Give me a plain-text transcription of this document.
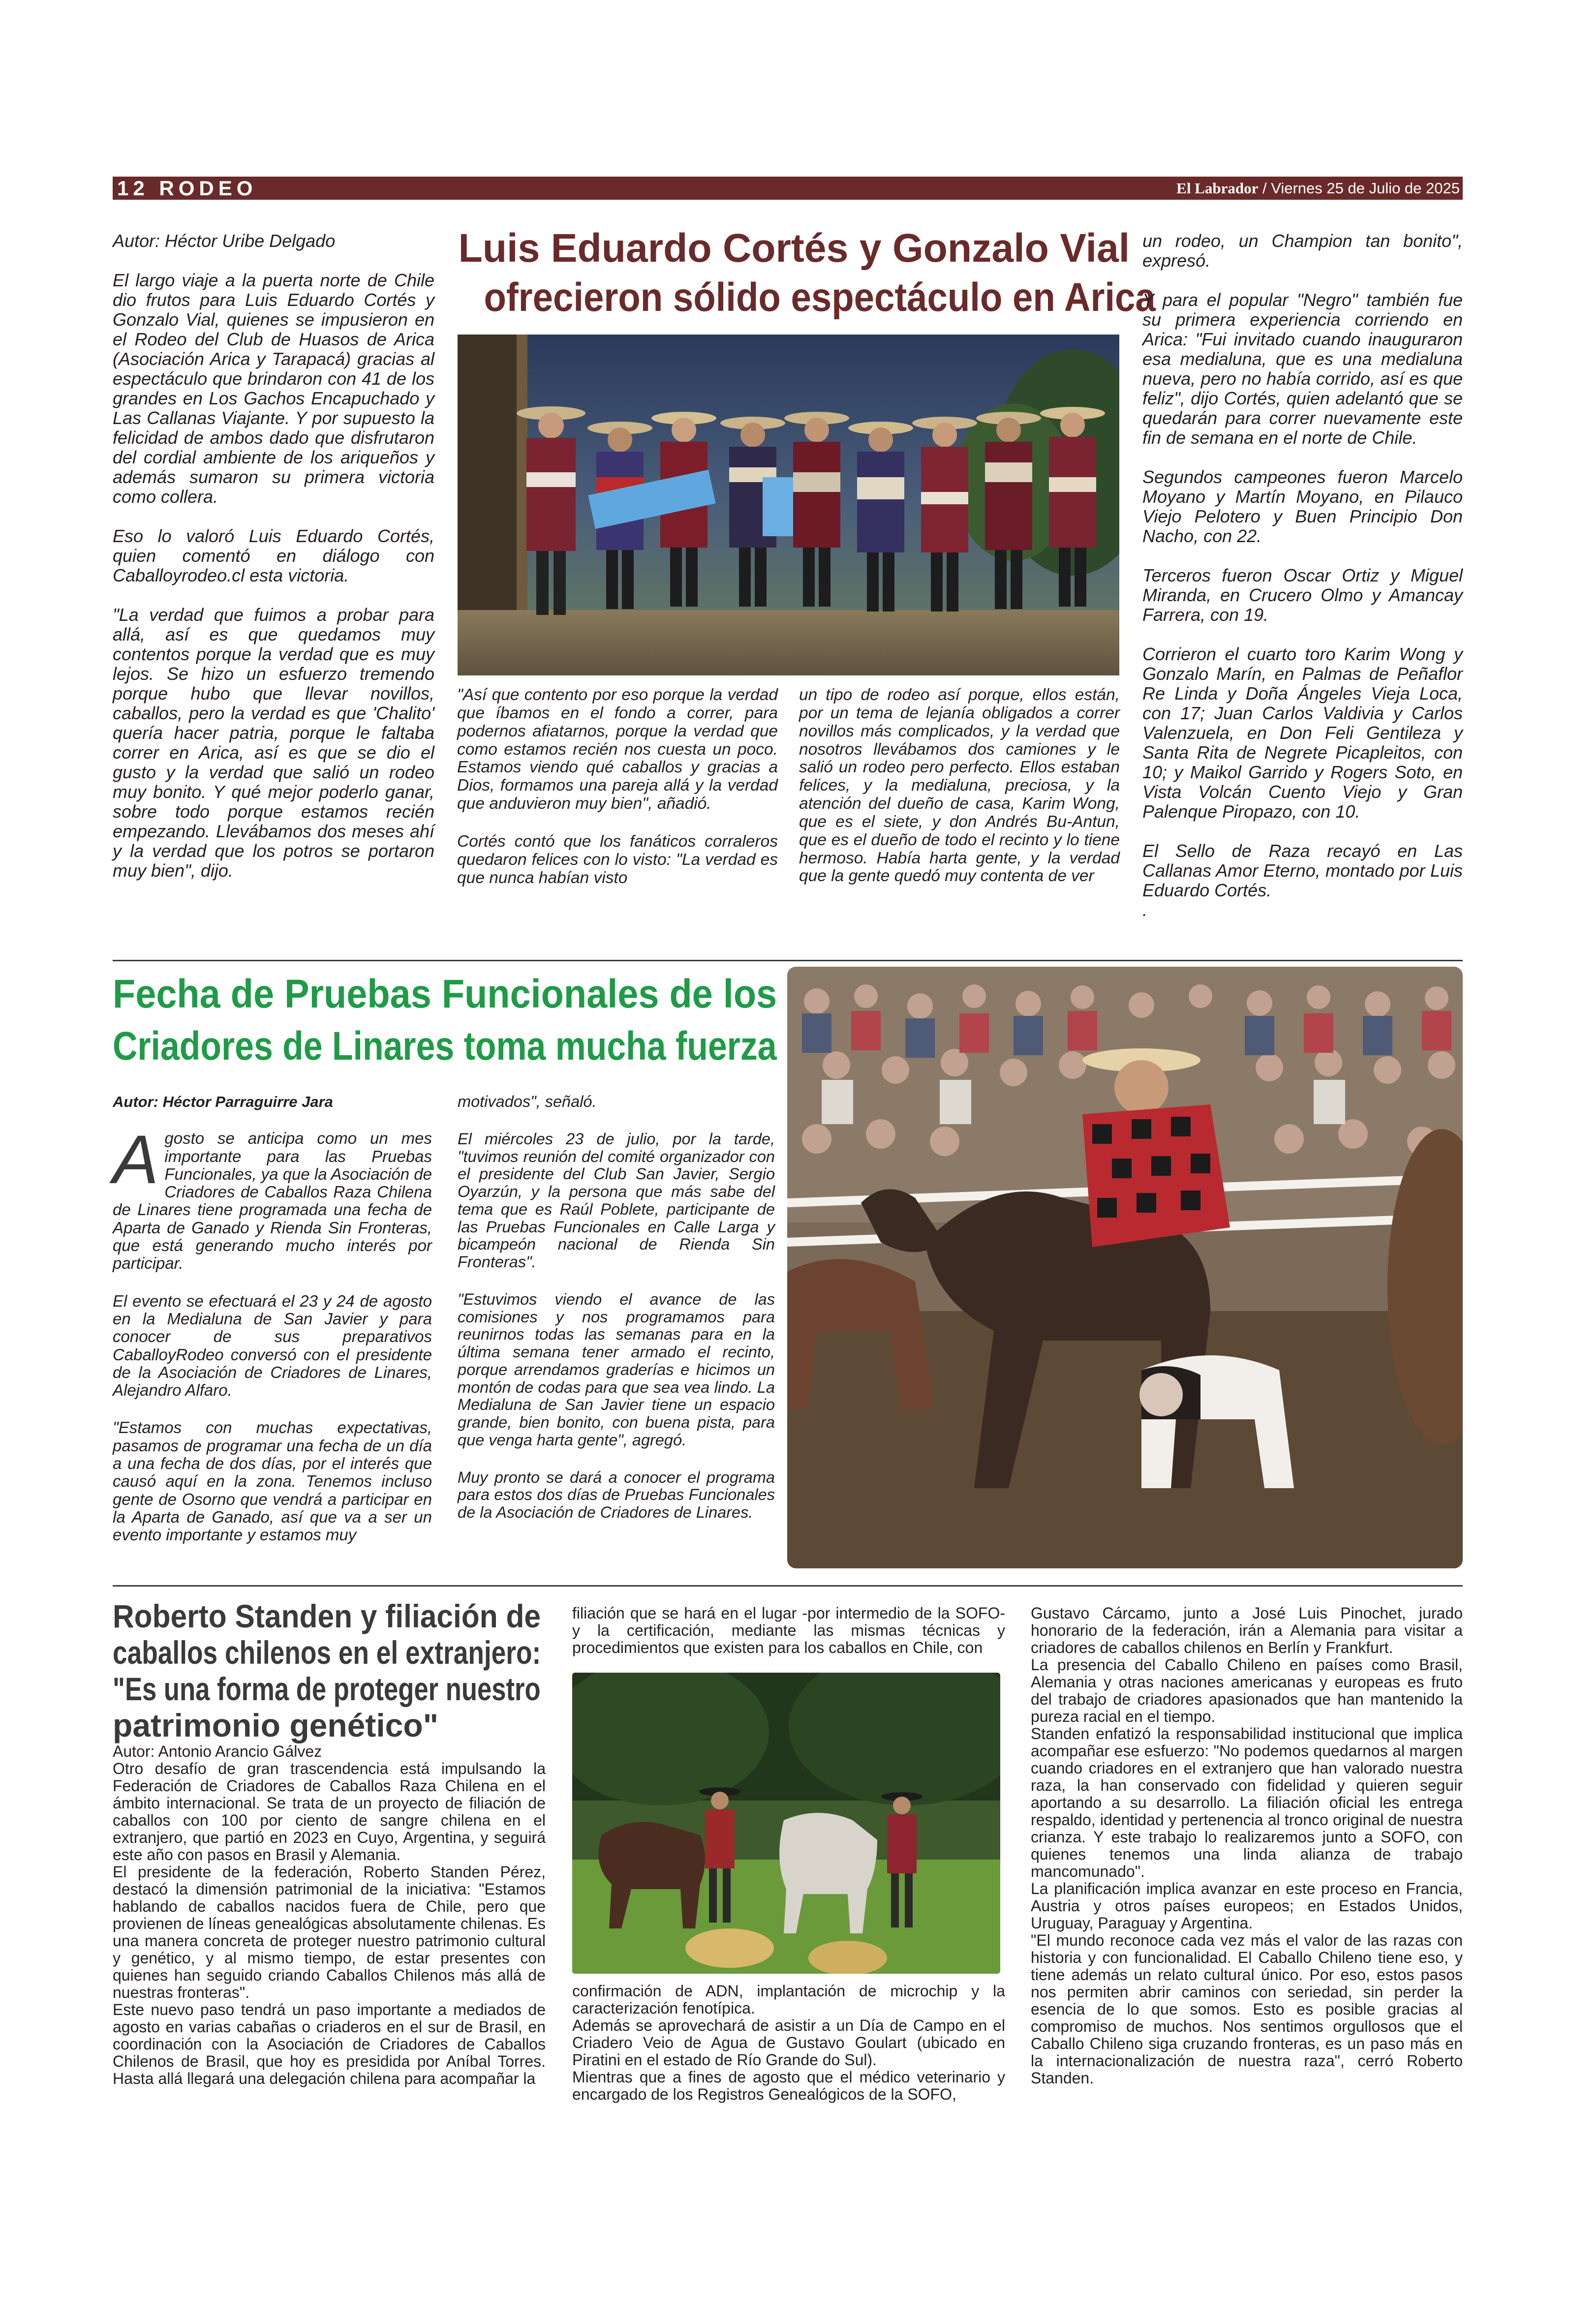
12 RODEO	El Labrador / Viernes 25 de Julio de 2025

Autor: Héctor Uribe Delgado

El largo viaje a la puerta norte de Chile dio frutos para Luis Eduardo Cortés y Gonzalo Vial, quienes se impusieron en el Rodeo del Club de Huasos de Arica (Asociación Arica y Tarapacá) gracias al espectáculo que brindaron con 41 de los grandes en Los Gachos Encapuchado y Las Callanas Viajante. Y por supuesto la felicidad de ambos dado que disfrutaron del cordial ambiente de los ariqueños y además sumaron su primera victoria como collera.

Eso lo valoró Luis Eduardo Cortés, quien comentó en diálogo con Caballoyrodeo.cl esta victoria.

"La verdad que fuimos a probar para allá, así es que quedamos muy contentos porque la verdad que es muy lejos. Se hizo un esfuerzo tremendo porque hubo que llevar novillos, caballos, pero la verdad es que 'Chalito' quería hacer patria, porque le faltaba correr en Arica, así es que se dio el gusto y la verdad que salió un rodeo muy bonito. Y qué mejor poderlo ganar, sobre todo porque estamos recién empezando. Llevábamos dos meses ahí y la verdad que los potros se portaron muy bien", dijo.

Luis Eduardo Cortés y Gonzalo Vial
ofrecieron sólido espectáculo en Arica

"Así que contento por eso porque la verdad que íbamos en el fondo a correr, para podernos afiatarnos, porque la verdad que como estamos recién nos cuesta un poco. Estamos viendo qué caballos y gracias a Dios, formamos una pareja allá y la verdad que anduvieron muy bien", añadió.

Cortés contó que los fanáticos corraleros quedaron felices con lo visto: "La verdad es que nunca habían visto

un tipo de rodeo así porque, ellos están, por un tema de lejanía obligados a correr novillos más complicados, y la verdad que nosotros llevábamos dos camiones y le salió un rodeo pero perfecto. Ellos estaban felices, y la medialuna, preciosa, y la atención del dueño de casa, Karim Wong, que es el siete, y don Andrés Bu-Antun, que es el dueño de todo el recinto y lo tiene hermoso. Había harta gente, y la verdad que la gente quedó muy contenta de ver

un rodeo, un Champion tan bonito", expresó.

Y para el popular "Negro" también fue su primera experiencia corriendo en Arica: "Fui invitado cuando inauguraron esa medialuna, que es una medialuna nueva, pero no había corrido, así es que feliz", dijo Cortés, quien adelantó que se quedarán para correr nuevamente este fin de semana en el norte de Chile.

Segundos campeones fueron Marcelo Moyano y Martín Moyano, en Pilauco Viejo Pelotero y Buen Principio Don Nacho, con 22.

Terceros fueron Oscar Ortiz y Miguel Miranda, en Crucero Olmo y Amancay Farrera, con 19.

Corrieron el cuarto toro Karim Wong y Gonzalo Marín, en Palmas de Peñaflor Re Linda y Doña Ángeles Vieja Loca, con 17; Juan Carlos Valdivia y Carlos Valenzuela, en Don Feli Gentileza y Santa Rita de Negrete Picapleitos, con 10; y Maikol Garrido y Rogers Soto, en Vista Volcán Cuento Viejo y Gran Palenque Piropazo, con 10.

El Sello de Raza recayó en Las Callanas Amor Eterno, montado por Luis Eduardo Cortés.

.

Fecha de Pruebas Funcionales de los
Criadores de Linares toma mucha fuerza

Autor: Héctor Parraguirre Jara

Agosto se anticipa como un mes importante para las Pruebas Funcionales, ya que la Asociación de Criadores de Caballos Raza Chilena de Linares tiene programada una fecha de Aparta de Ganado y Rienda Sin Fronteras, que está generando mucho interés por participar.

El evento se efectuará el 23 y 24 de agosto en la Medialuna de San Javier y para conocer de sus preparativos CaballoyRodeo conversó con el presidente de la Asociación de Criadores de Linares, Alejandro Alfaro.

"Estamos con muchas expectativas, pasamos de programar una fecha de un día a una fecha de dos días, por el interés que causó aquí en la zona. Tenemos incluso gente de Osorno que vendrá a participar en la Aparta de Ganado, así que va a ser un evento importante y estamos muy

motivados", señaló.

El miércoles 23 de julio, por la tarde, "tuvimos reunión del comité organizador con el presidente del Club San Javier, Sergio Oyarzún, y la persona que más sabe del tema que es Raúl Poblete, participante de las Pruebas Funcionales en Calle Larga y bicampeón nacional de Rienda Sin Fronteras".

"Estuvimos viendo el avance de las comisiones y nos programamos para reunirnos todas las semanas para en la última semana tener armado el recinto, porque arrendamos graderías e hicimos un montón de codas para que sea vea lindo. La Medialuna de San Javier tiene un espacio grande, bien bonito, con buena pista, para que venga harta gente", agregó.

Muy pronto se dará a conocer el programa para estos dos días de Pruebas Funcionales de la Asociación de Criadores de Linares.

Roberto Standen y filiación de
caballos chilenos en el extranjero:
"Es una forma de proteger nuestro
patrimonio genético"

Autor: Antonio Arancio Gálvez

Otro desafío de gran trascendencia está impulsando la Federación de Criadores de Caballos Raza Chilena en el ámbito internacional. Se trata de un proyecto de filiación de caballos con 100 por ciento de sangre chilena en el extranjero, que partió en 2023 en Cuyo, Argentina, y seguirá este año con pasos en Brasil y Alemania.

El presidente de la federación, Roberto Standen Pérez, destacó la dimensión patrimonial de la iniciativa: "Estamos hablando de caballos nacidos fuera de Chile, pero que provienen de líneas genealógicas absolutamente chilenas. Es una manera concreta de proteger nuestro patrimonio cultural y genético, y al mismo tiempo, de estar presentes con quienes han seguido criando Caballos Chilenos más allá de nuestras fronteras".

Este nuevo paso tendrá un paso importante a mediados de agosto en varias cabañas o criaderos en el sur de Brasil, en coordinación con la Asociación de Criadores de Caballos Chilenos de Brasil, que hoy es presidida por Aníbal Torres. Hasta allá llegará una delegación chilena para acompañar la

filiación que se hará en el lugar -por intermedio de la SOFO- y la certificación, mediante las mismas técnicas y procedimientos que existen para los caballos en Chile, con

confirmación de ADN, implantación de microchip y la caracterización fenotípica.

Además se aprovechará de asistir a un Día de Campo en el Criadero Veio de Agua de Gustavo Goulart (ubicado en Piratini en el estado de Río Grande do Sul).

Mientras que a fines de agosto que el médico veterinario y encargado de los Registros Genealógicos de la SOFO,

Gustavo Cárcamo, junto a José Luis Pinochet, jurado honorario de la federación, irán a Alemania para visitar a criadores de caballos chilenos en Berlín y Frankfurt.

La presencia del Caballo Chileno en países como Brasil, Alemania y otras naciones americanas y europeas es fruto del trabajo de criadores apasionados que han mantenido la pureza racial en el tiempo.

Standen enfatizó la responsabilidad institucional que implica acompañar ese esfuerzo: "No podemos quedarnos al margen cuando criadores en el extranjero que han valorado nuestra raza, la han conservado con fidelidad y quieren seguir aportando a su desarrollo. La filiación oficial les entrega respaldo, identidad y pertenencia al tronco original de nuestra crianza. Y este trabajo lo realizaremos junto a SOFO, con quienes tenemos una linda alianza de trabajo mancomunado".

La planificación implica avanzar en este proceso en Francia, Austria y otros países europeos; en Estados Unidos, Uruguay, Paraguay y Argentina.

"El mundo reconoce cada vez más el valor de las razas con historia y con funcionalidad. El Caballo Chileno tiene eso, y tiene además un relato cultural único. Por eso, estos pasos nos permiten abrir caminos con seriedad, sin perder la esencia de lo que somos. Esto es posible gracias al compromiso de muchos. Nos sentimos orgullosos que el Caballo Chileno siga cruzando fronteras, es un paso más en la internacionalización de nuestra raza", cerró Roberto Standen.
